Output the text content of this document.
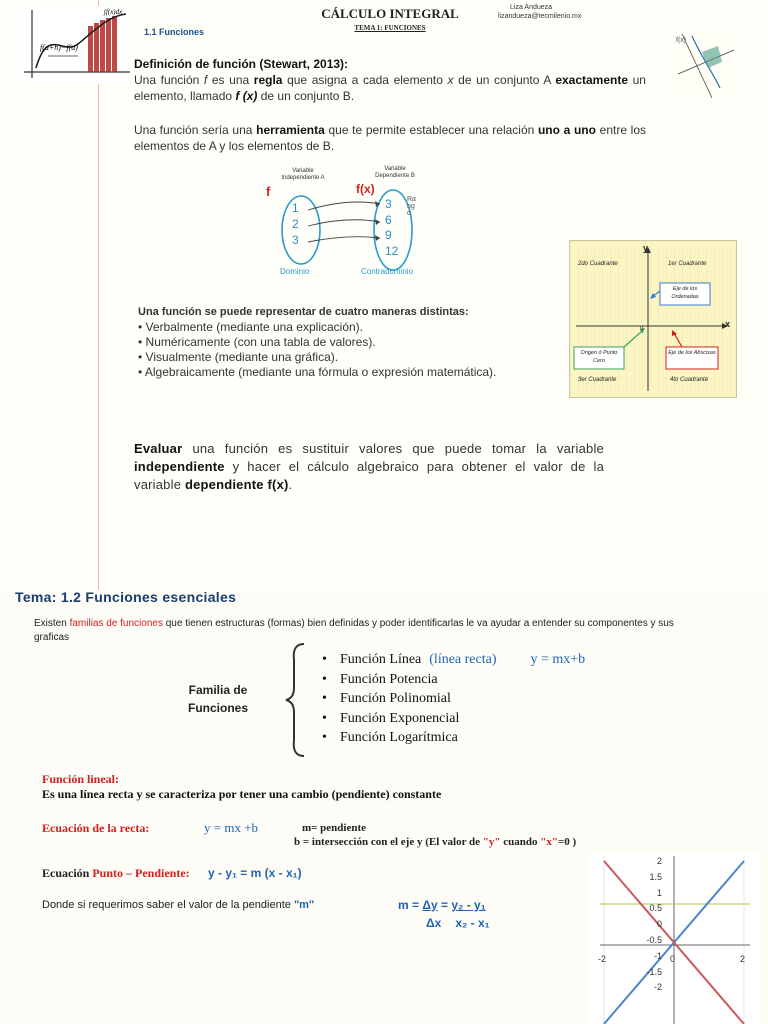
f(a+h)−f(a)
∫f(x)dx
f(x)
CÁLCULO INTEGRAL
TEMA 1: FUNCIONES
Liza Andueza
lizandueza@tecmilenio.mx
1.1 Funciones
Definición de función (Stewart, 2013):
Una función f es una regla que asigna a cada elemento x de un conjunto A exactamente un elemento, llamado f (x) de un conjunto B.
Una función sería una herramienta que te permite establecer una relación uno a uno entre los elementos de A y los elementos de B.
f	f(x)
Variable Independiente A
Variable Dependiente B
1
2
3
3
6
9
12
Rango
Dominio	Contradominio
y
x
0
2do Cuadrante	1er Cuadrante
3er Cuadrante	4to Cuadrante
Eje de los Ordenadas
Eje de los Abscisas
Origen ó Punto Cero
Una función se puede representar de cuatro maneras distintas:
• Verbalmente (mediante una explicación).
• Numéricamente (con una tabla de valores).
• Visualmente (mediante una gráfica).
• Algebraicamente (mediante una fórmula o expresión matemática).
Evaluar una función es sustituir valores que puede tomar la variable independiente y hacer el cálculo algebraico para obtener el valor de la variable dependiente f(x).
Tema: 1.2 Funciones esenciales
Existen familias de funciones que tienen estructuras (formas) bien definidas y poder identificarlas le va ayudar a entender su componentes y sus graficas
Familia de Funciones
• Función Línea (línea recta) y = mx+b
• Función Potencia
• Función Polinomial
• Función Exponencial
• Función Logarítmica
Función lineal:
Es una línea recta y se caracteriza por tener una cambio (pendiente) constante
Ecuación de la recta:	y = mx +b	m= pendiente
b = intersección con el eje y (El valor de "y" cuando "x"=0 )
Ecuación Punto – Pendiente: y - y₁ = m (x - x₁)
Donde si requerimos saber el valor de la pendiente "m"	m = Δy = y₂ - y₁
Δx x₂ - x₁
2
1.5
1
0.5
0
-0.5
-1
-1.5
-2
-2	0	2
